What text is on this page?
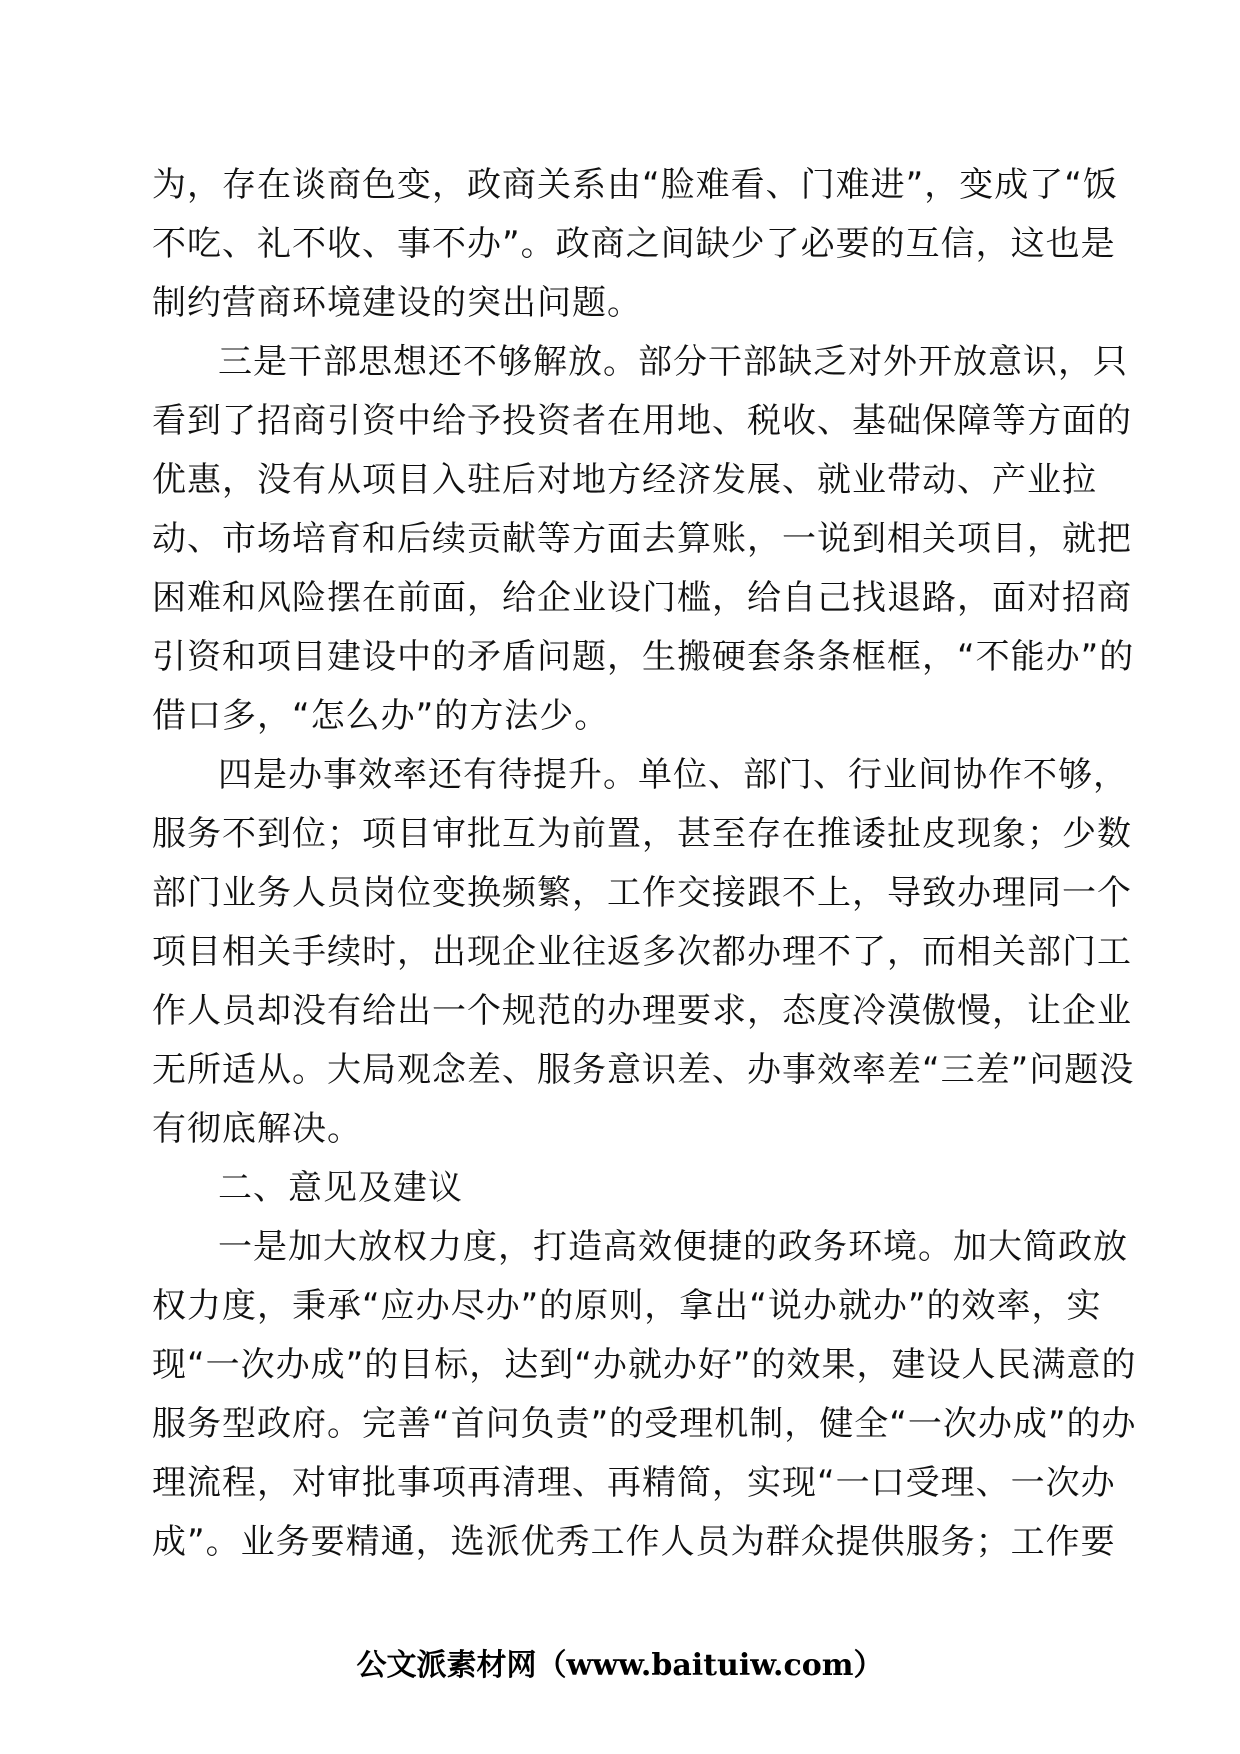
为，存在谈商色变，政商关系由“脸难看、门难进”，变成了“饭
不吃、礼不收、事不办”。政商之间缺少了必要的互信，这也是
制约营商环境建设的突出问题。
三是干部思想还不够解放。部分干部缺乏对外开放意识，只
看到了招商引资中给予投资者在用地、税收、基础保障等方面的
优惠，没有从项目入驻后对地方经济发展、就业带动、产业拉
动、市场培育和后续贡献等方面去算账，一说到相关项目，就把
困难和风险摆在前面，给企业设门槛，给自己找退路，面对招商
引资和项目建设中的矛盾问题，生搬硬套条条框框，“不能办”的
借口多，“怎么办”的方法少。
四是办事效率还有待提升。单位、部门、行业间协作不够，
服务不到位；项目审批互为前置，甚至存在推诿扯皮现象；少数
部门业务人员岗位变换频繁，工作交接跟不上，导致办理同一个
项目相关手续时，出现企业往返多次都办理不了，而相关部门工
作人员却没有给出一个规范的办理要求，态度冷漠傲慢，让企业
无所适从。大局观念差、服务意识差、办事效率差“三差”问题没
有彻底解决。
二、意见及建议
一是加大放权力度，打造高效便捷的政务环境。加大简政放
权力度，秉承“应办尽办”的原则，拿出“说办就办”的效率，实
现“一次办成”的目标，达到“办就办好”的效果，建设人民满意的
服务型政府。完善“首问负责”的受理机制，健全“一次办成”的办
理流程，对审批事项再清理、再精简，实现“一口受理、一次办
成”。业务要精通，选派优秀工作人员为群众提供服务；工作要
公文派素材网（www.baituiw.com）
